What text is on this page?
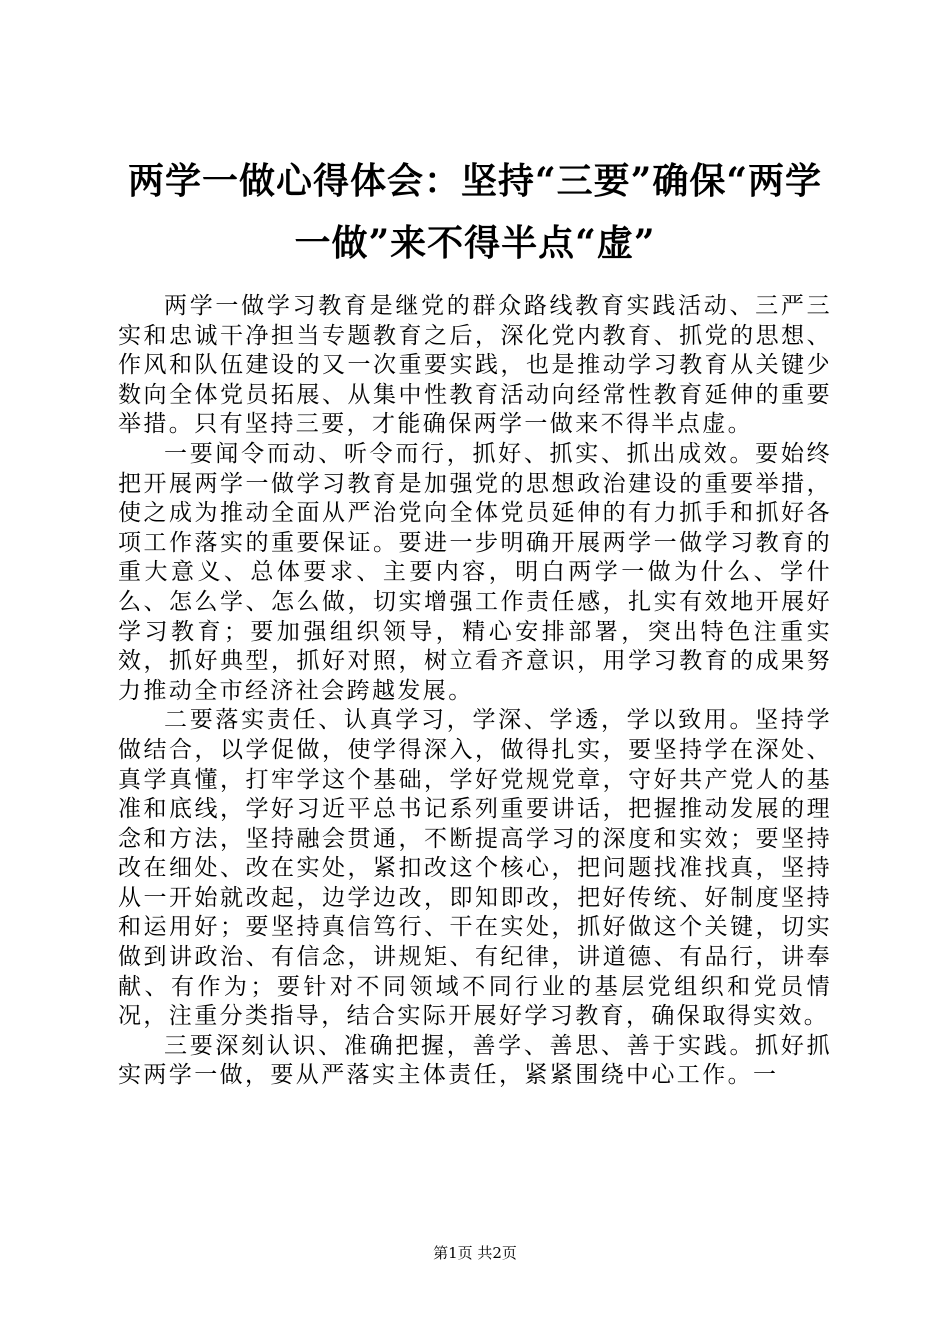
两学一做心得体会：坚持“三要”确保“两学一做”来不得半点“虚”

两学一做学习教育是继党的群众路线教育实践活动、三严三实和忠诚干净担当专题教育之后，深化党内教育、抓党的思想、作风和队伍建设的又一次重要实践，也是推动学习教育从关键少数向全体党员拓展、从集中性教育活动向经常性教育延伸的重要举措。只有坚持三要，才能确保两学一做来不得半点虚。

一要闻令而动、听令而行，抓好、抓实、抓出成效。要始终把开展两学一做学习教育是加强党的思想政治建设的重要举措，使之成为推动全面从严治党向全体党员延伸的有力抓手和抓好各项工作落实的重要保证。要进一步明确开展两学一做学习教育的重大意义、总体要求、主要内容，明白两学一做为什么、学什么、怎么学、怎么做，切实增强工作责任感，扎实有效地开展好学习教育；要加强组织领导，精心安排部署，突出特色注重实效，抓好典型，抓好对照，树立看齐意识，用学习教育的成果努力推动全市经济社会跨越发展。

二要落实责任、认真学习，学深、学透，学以致用。坚持学做结合，以学促做，使学得深入，做得扎实，要坚持学在深处、真学真懂，打牢学这个基础，学好党规党章，守好共产党人的基准和底线，学好习近平总书记系列重要讲话，把握推动发展的理念和方法，坚持融会贯通，不断提高学习的深度和实效；要坚持改在细处、改在实处，紧扣改这个核心，把问题找准找真，坚持从一开始就改起，边学边改，即知即改，把好传统、好制度坚持和运用好；要坚持真信笃行、干在实处，抓好做这个关键，切实做到讲政治、有信念，讲规矩、有纪律，讲道德、有品行，讲奉献、有作为；要针对不同领域不同行业的基层党组织和党员情况，注重分类指导，结合实际开展好学习教育，确保取得实效。

三要深刻认识、准确把握，善学、善思、善于实践。抓好抓实两学一做，要从严落实主体责任，紧紧围绕中心工作。一

第1页 共2页
